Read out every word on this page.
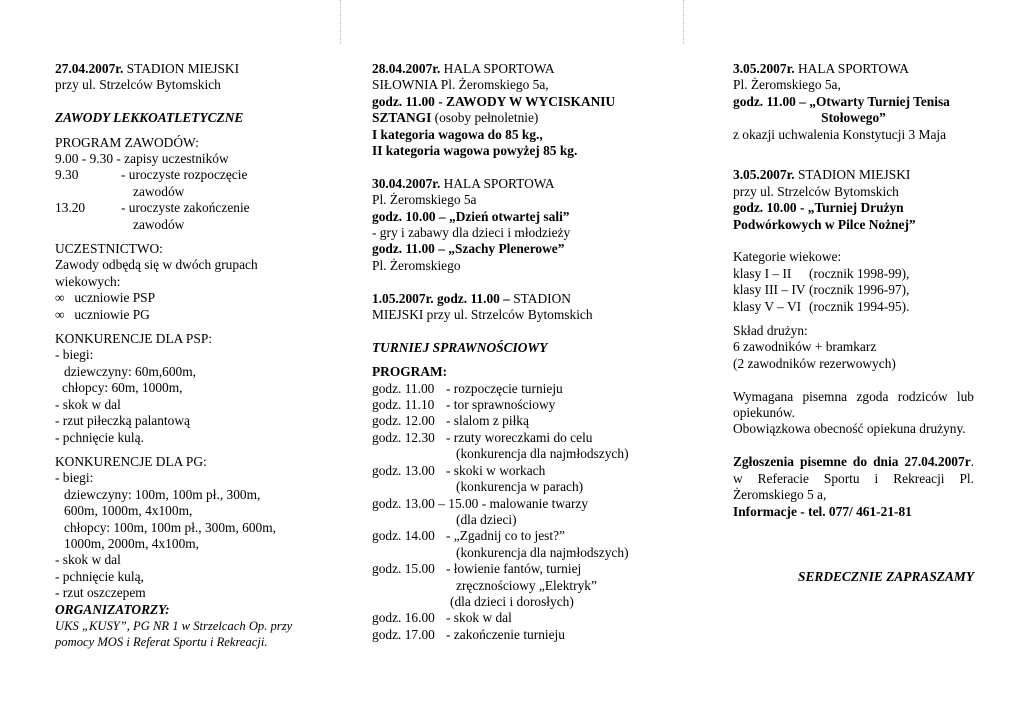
27.04.2007r. STADION MIEJSKI
przy ul. Strzelców Bytomskich
ZAWODY LEKKOATLETYCZNE
PROGRAM ZAWODÓW:
9.00 - 9.30 - zapisy uczestników
9.30	- uroczyste rozpoczęcie
zawodów
13.20	- uroczyste zakończenie
zawodów
UCZESTNICTWO:
Zawody odbędą się w dwóch grupach
wiekowych:
∞ uczniowie PSP
∞ uczniowie PG
KONKURENCJE DLA PSP:
- biegi:
dziewczyny: 60m,600m,
chłopcy: 60m, 1000m,
- skok w dal
- rzut piłeczką palantową
- pchnięcie kulą.
KONKURENCJE DLA PG:
- biegi:
dziewczyny: 100m, 100m pł., 300m,
600m, 1000m, 4x100m,
chłopcy: 100m, 100m pł., 300m, 600m,
1000m, 2000m, 4x100m,
- skok w dal
- pchnięcie kulą,
- rzut oszczepem
ORGANIZATORZY:
UKS „KUSY”, PG NR 1 w Strzelcach Op. przy
pomocy MOS i Referat Sportu i Rekreacji.
28.04.2007r. HALA SPORTOWA
SIŁOWNIA Pl. Żeromskiego 5a,
godz. 11.00 - ZAWODY W WYCISKANIU
SZTANGI (osoby pełnoletnie)
I kategoria wagowa do 85 kg.,
II kategoria wagowa powyżej 85 kg.
30.04.2007r. HALA SPORTOWA
Pl. Żeromskiego 5a
godz. 10.00 – „Dzień otwartej sali”
- gry i zabawy dla dzieci i młodzieży
godz. 11.00 – „Szachy Plenerowe”
Pl. Żeromskiego
1.05.2007r. godz. 11.00 – STADION
MIEJSKI przy ul. Strzelców Bytomskich
TURNIEJ SPRAWNOŚCIOWY
PROGRAM:
godz. 11.00 - rozpoczęcie turnieju
godz. 11.10 - tor sprawnościowy
godz. 12.00 - slalom z piłką
godz. 12.30 - rzuty woreczkami do celu
(konkurencja dla najmłodszych)
godz. 13.00 - skoki w workach
(konkurencja w parach)
godz. 13.00 – 15.00 - malowanie twarzy
(dla dzieci)
godz. 14.00 - „Zgadnij co to jest?”
(konkurencja dla najmłodszych)
godz. 15.00 - łowienie fantów, turniej
zręcznościowy „Elektryk”
(dla dzieci i dorosłych)
godz. 16.00 - skok w dal
godz. 17.00 - zakończenie turnieju
3.05.2007r. HALA SPORTOWA
Pl. Żeromskiego 5a,
godz. 11.00 – „Otwarty Turniej Tenisa
Stołowego”
z okazji uchwalenia Konstytucji 3 Maja
3.05.2007r. STADION MIEJSKI
przy ul. Strzelców Bytomskich
godz. 10.00 - „Turniej Drużyn
Podwórkowych w Pilce Nożnej”
Kategorie wiekowe:
klasy I – II (rocznik 1998-99),
klasy III – IV (rocznik 1996-97),
klasy V – VI (rocznik 1994-95).
Skład drużyn:
6 zawodników + bramkarz
(2 zawodników rezerwowych)
Wymagana pisemna zgoda rodziców lub opiekunów.
Obowiązkowa obecność opiekuna drużyny.
Zgłoszenia pisemne do dnia 27.04.2007r. w Referacie Sportu i Rekreacji Pl. Żeromskiego 5 a,
Informacje - tel. 077/ 461-21-81
SERDECZNIE ZAPRASZAMY
